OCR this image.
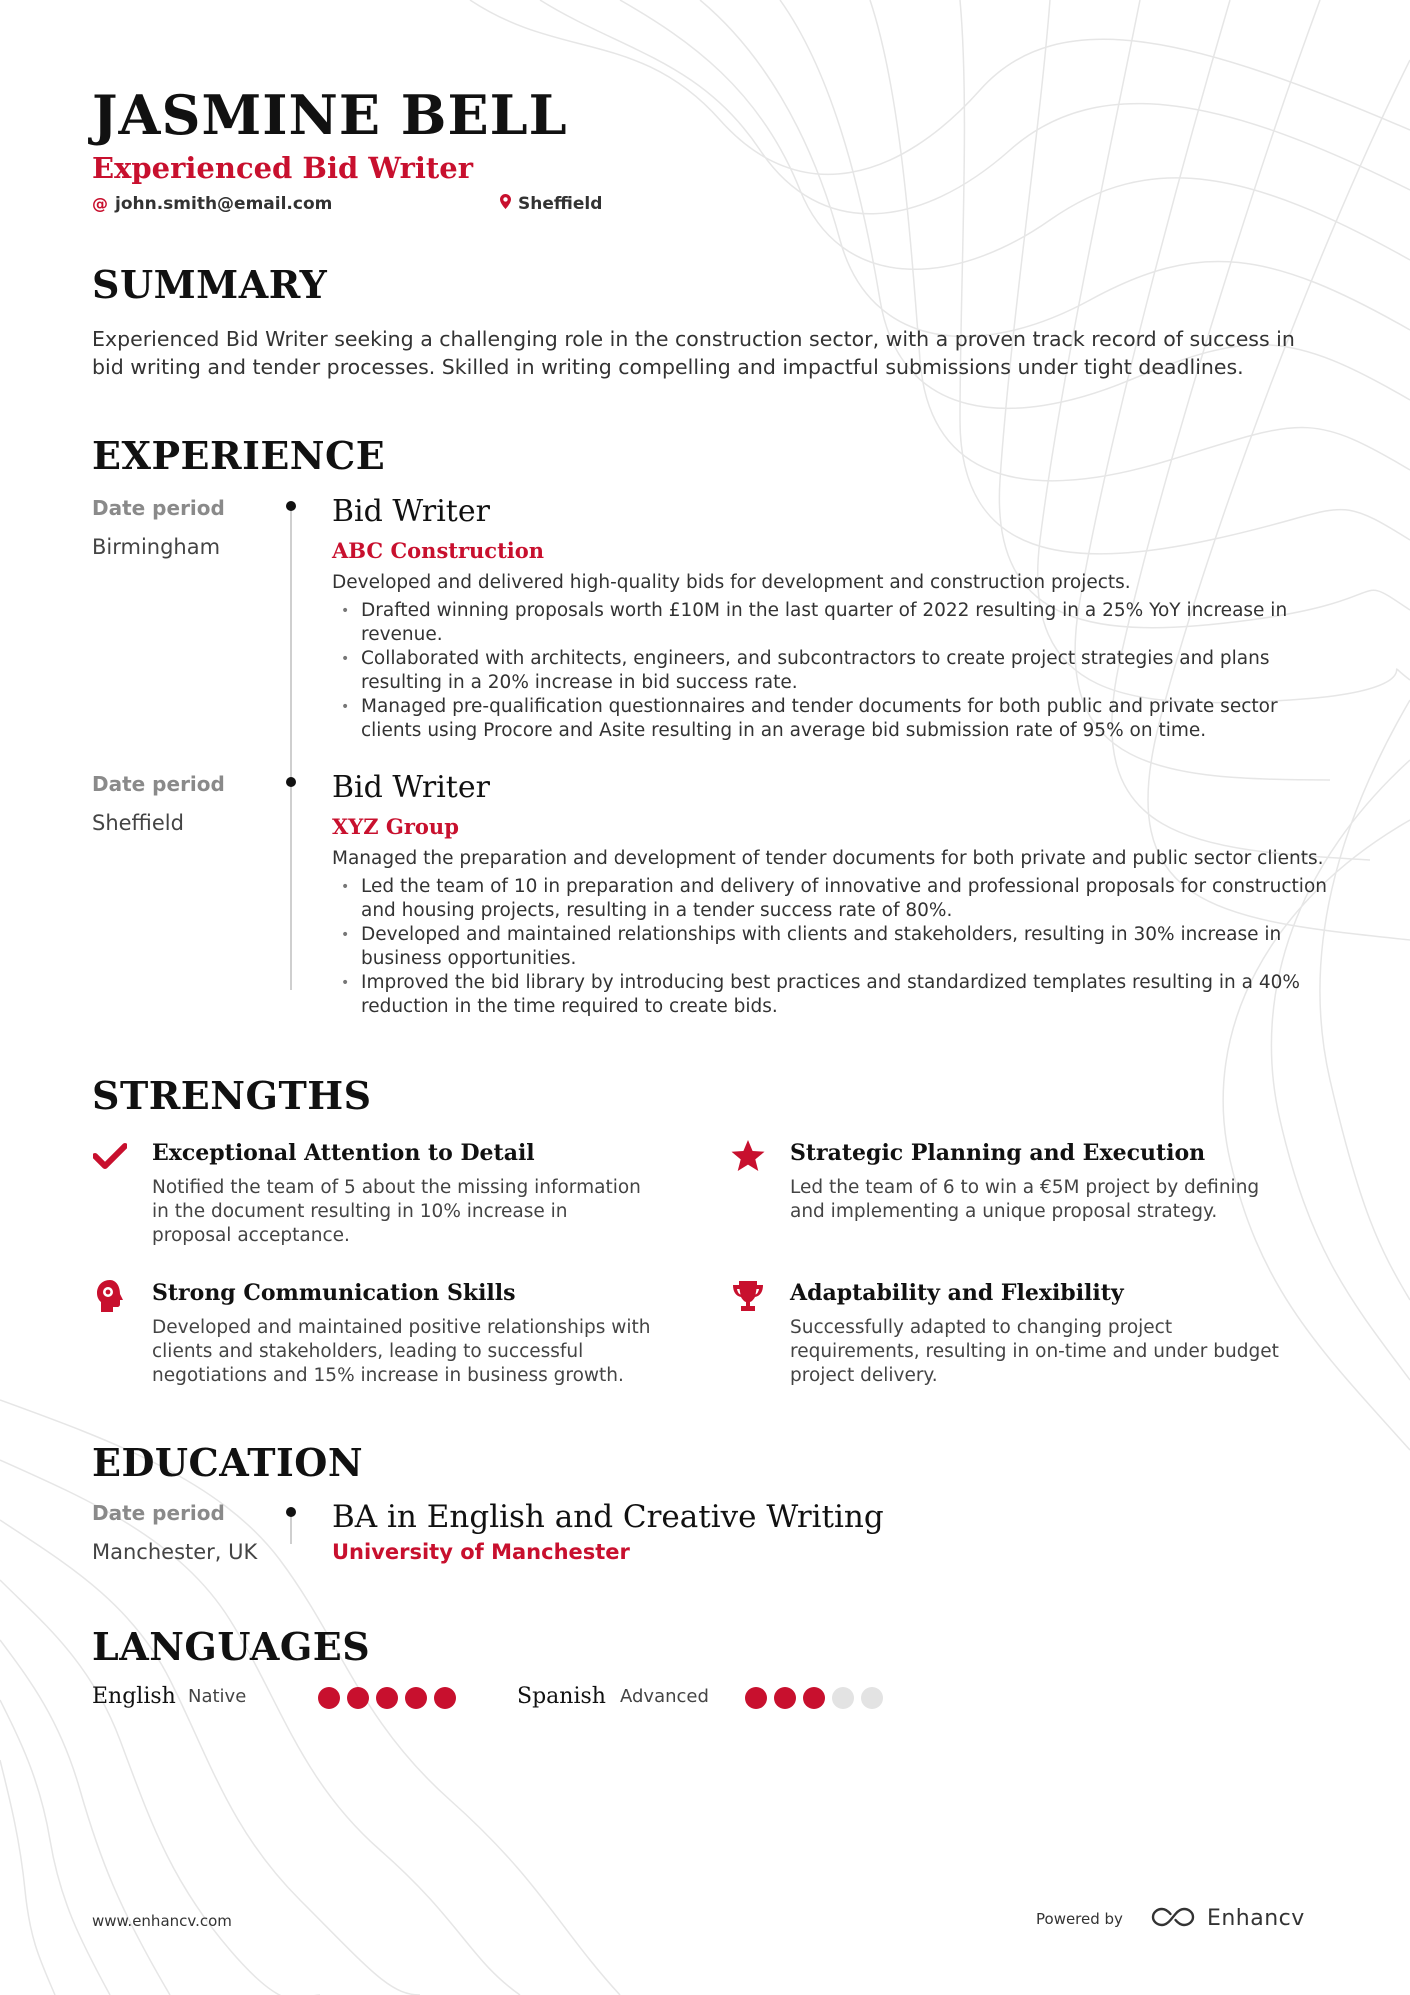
JASMINE BELL
Experienced Bid Writer
@ john.smith@email.com	Sheffield
SUMMARY
Experienced Bid Writer seeking a challenging role in the construction sector, with a proven track record of success in bid writing and tender processes. Skilled in writing compelling and impactful submissions under tight deadlines.
EXPERIENCE
Date period
Birmingham
Bid Writer
ABC Construction
Developed and delivered high-quality bids for development and construction projects.
• Drafted winning proposals worth £10M in the last quarter of 2022 resulting in a 25% YoY increase in revenue.
• Collaborated with architects, engineers, and subcontractors to create project strategies and plans resulting in a 20% increase in bid success rate.
• Managed pre-qualification questionnaires and tender documents for both public and private sector clients using Procore and Asite resulting in an average bid submission rate of 95% on time.
Date period
Sheffield
Bid Writer
XYZ Group
Managed the preparation and development of tender documents for both private and public sector clients.
• Led the team of 10 in preparation and delivery of innovative and professional proposals for construction and housing projects, resulting in a tender success rate of 80%.
• Developed and maintained relationships with clients and stakeholders, resulting in 30% increase in business opportunities.
• Improved the bid library by introducing best practices and standardized templates resulting in a 40% reduction in the time required to create bids.
STRENGTHS
Exceptional Attention to Detail
Notified the team of 5 about the missing information in the document resulting in 10% increase in proposal acceptance.
Strategic Planning and Execution
Led the team of 6 to win a €5M project by defining and implementing a unique proposal strategy.
Strong Communication Skills
Developed and maintained positive relationships with clients and stakeholders, leading to successful negotiations and 15% increase in business growth.
Adaptability and Flexibility
Successfully adapted to changing project requirements, resulting in on-time and under budget project delivery.
EDUCATION
Date period
Manchester, UK
BA in English and Creative Writing
University of Manchester
LANGUAGES
English Native	Spanish Advanced
www.enhancv.com	Powered by	Enhancv
